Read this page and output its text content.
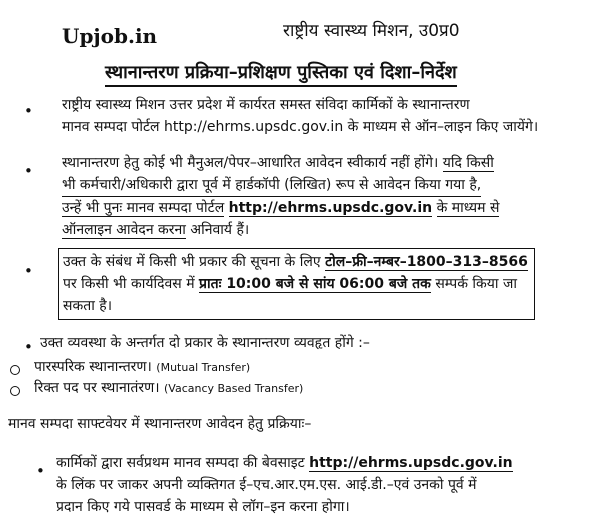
Upjob.in	राष्ट्रीय स्वास्थ्य मिशन, उ0प्र0
स्थानान्तरण प्रक्रिया–प्रशिक्षण पुस्तिका एवं दिशा–निर्देश
• राष्ट्रीय स्वास्थ्य मिशन उत्तर प्रदेश में कार्यरत समस्त संविदा कार्मिकों के स्थानान्तरण
मानव सम्पदा पोर्टल http://ehrms.upsdc.gov.in के माध्यम से ऑन–लाइन किए जायेंगे।
• स्थानान्तरण हेतु कोई भी मैनुअल/पेपर–आधारित आवेदन स्वीकार्य नहीं होंगे। यदि किसी
भी कर्मचारी/अधिकारी द्वारा पूर्व में हार्डकॉपी (लिखित) रूप से आवेदन किया गया है,
उन्हें भी पुनः मानव सम्पदा पोर्टल http://ehrms.upsdc.gov.in के माध्यम से
ऑनलाइन आवेदन करना अनिवार्य हैं।
• उक्त के संबंध में किसी भी प्रकार की सूचना के लिए टोल–फ्री–नम्बर–1800–313–8566
पर किसी भी कार्यदिवस में प्रातः 10:00 बजे से सांय 06:00 बजे तक सम्पर्क किया जा
सकता है।
• उक्त व्यवस्था के अन्तर्गत दो प्रकार के स्थानान्तरण व्यवहृत होंगे :–
पारस्परिक स्थानान्तरण। (Mutual Transfer)
रिक्त पद पर स्थानातंरण। (Vacancy Based Transfer)
मानव सम्पदा साफ्टवेयर में स्थानान्तरण आवेदन हेतु प्रक्रियाः–
• कार्मिकों द्वारा सर्वप्रथम मानव सम्पदा की बेवसाइट http://ehrms.upsdc.gov.in
के लिंक पर जाकर अपनी व्यक्तिगत ई–एच.आर.एम.एस. आई.डी.–एवं उनको पूर्व में
प्रदान किए गये पासवर्ड के माध्यम से लॉग–इन करना होगा।
